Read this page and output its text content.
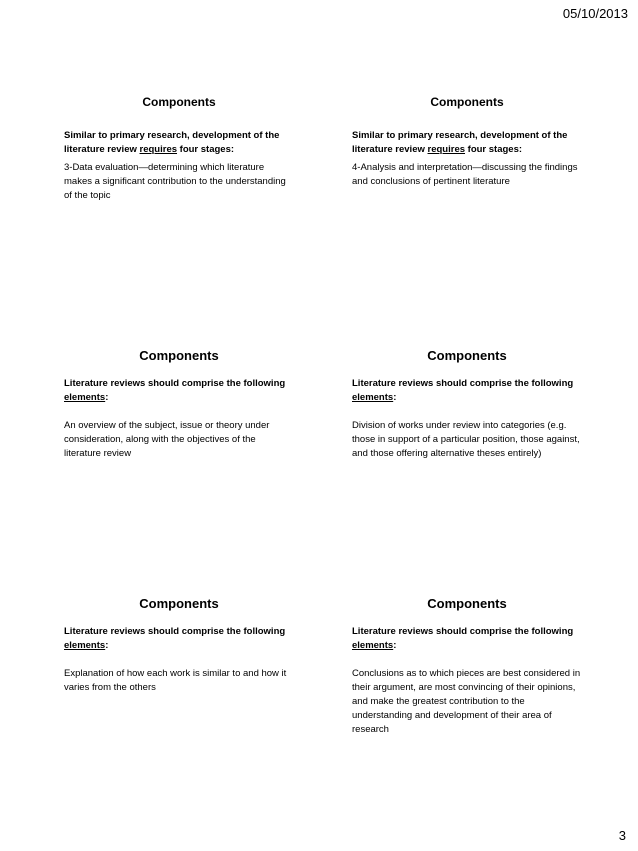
05/10/2013
Components

Similar to primary research, development of the literature review requires four stages:

3-Data evaluation—determining which literature makes a significant contribution to the understanding of the topic

Components

Similar to primary research, development of the literature review requires four stages:

4-Analysis and interpretation—discussing the findings and conclusions of pertinent literature

Components

Literature reviews should comprise the following elements:

An overview of the subject, issue or theory under consideration, along with the objectives of the literature review

Components

Literature reviews should comprise the following elements:

Division of works under review into categories (e.g. those in support of a particular position, those against, and those offering alternative theses entirely)

Components

Literature reviews should comprise the following elements:

Explanation of how each work is similar to and how it varies from the others

Components

Literature reviews should comprise the following elements:

Conclusions as to which pieces are best considered in their argument, are most convincing of their opinions, and make the greatest contribution to the understanding and development of their area of research

3
